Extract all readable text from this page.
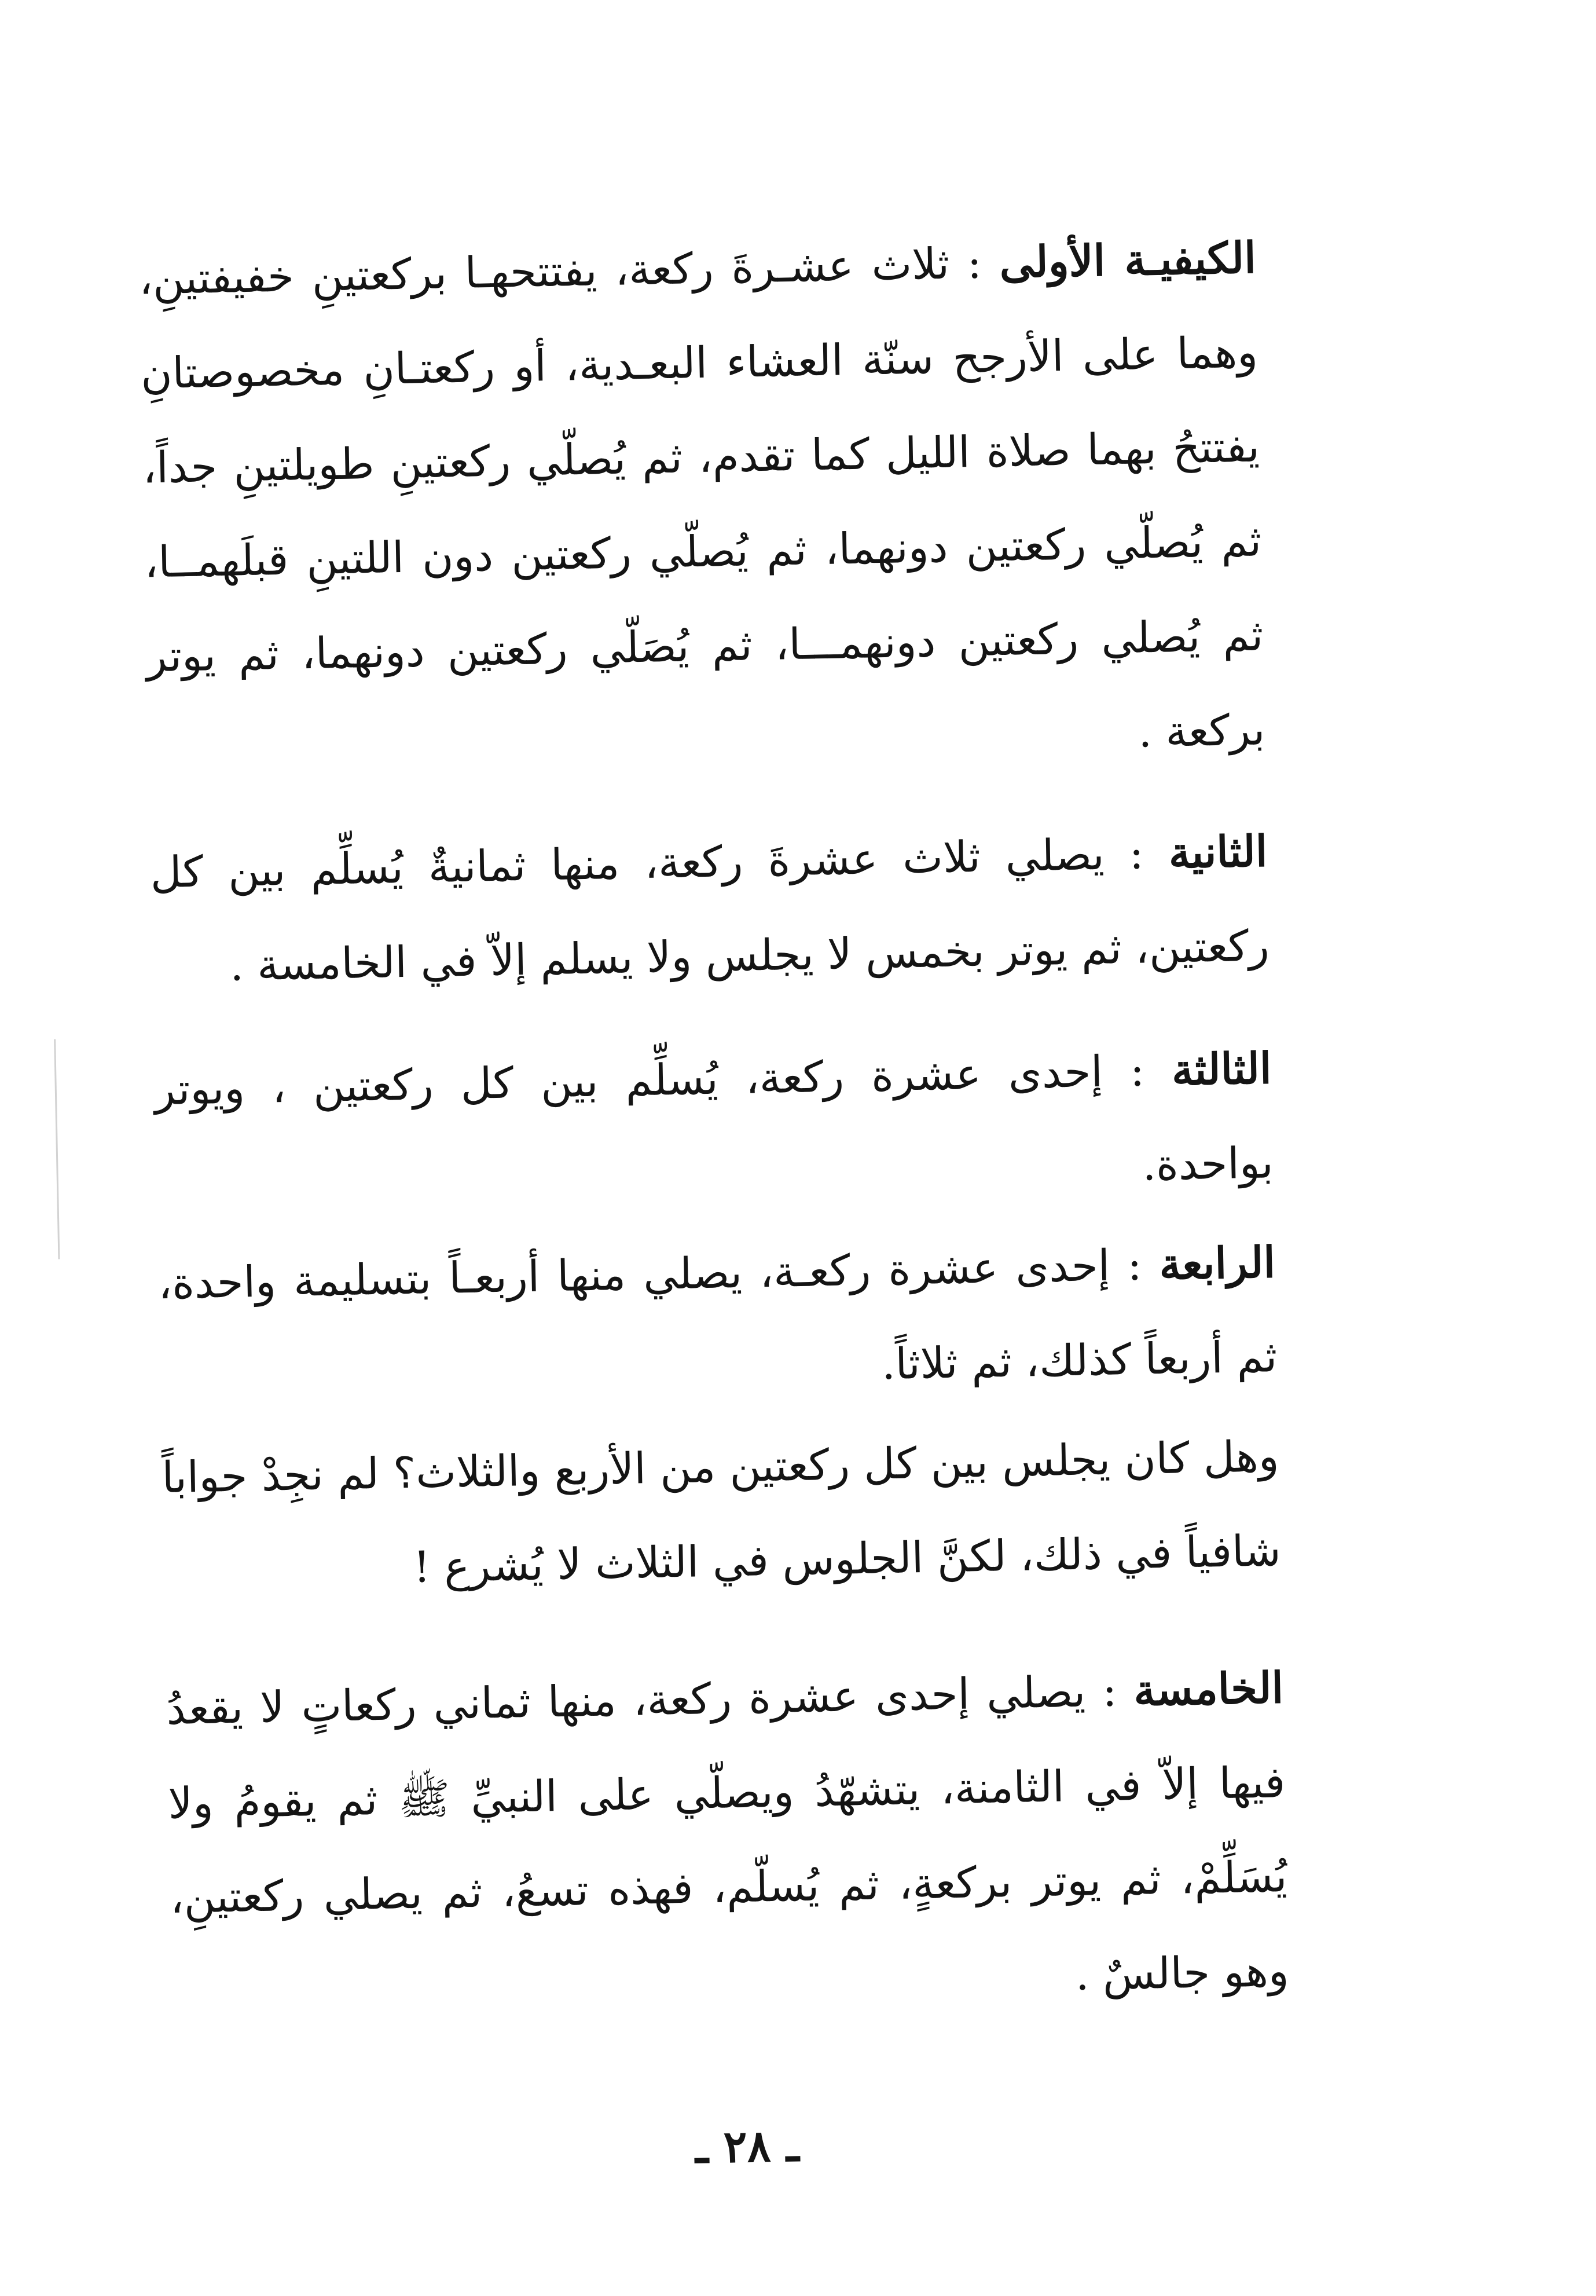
الكيفيـة الأولى : ثلاث عشـرةَ ركعة، يفتتحهـا بركعتينِ خفيفتينِ، وهما على الأرجح سنّة العشاء البعـدية، أو ركعتـانِ مخصوصتانِ يفتتحُ بهما صلاة الليل كما تقدم، ثم يُصلّي ركعتينِ طويلتينِ جداً، ثم يُصلّي ركعتين دونهما، ثم يُصلّي ركعتين دون اللتينِ قبلَهمــا، ثم يُصلي ركعتين دونهمـــا، ثم يُصَلّي ركعتين دونهما، ثم يوتر بركعة .

الثانية : يصلي ثلاث عشرةَ ركعة، منها ثمانيةٌ يُسلِّم بين كل ركعتين، ثم يوتر بخمس لا يجلس ولا يسلم إلاّ في الخامسة .

الثالثة : إحدى عشرة ركعة، يُسلِّم بين كل ركعتين ، ويوتر بواحدة.

الرابعة : إحدى عشرة ركعـة، يصلي منها أربعـاً بتسليمة واحدة، ثم أربعاً كذلك، ثم ثلاثاً.

وهل كان يجلس بين كل ركعتين من الأربع والثلاث؟ لم نجِدْ جواباً شافياً في ذلك، لكنَّ الجلوس في الثلاث لا يُشرع !

الخامسة : يصلي إحدى عشرة ركعة، منها ثماني ركعاتٍ لا يقعدُ فيها إلاّ في الثامنة، يتشهّدُ ويصلّي على النبيِّ ﷺ ثم يقومُ ولا يُسَلِّمْ، ثم يوتر بركعةٍ، ثم يُسلّم، فهذه تسعُ، ثم يصلي ركعتينِ، وهو جالسٌ .

ـ ٢٨ ـ
